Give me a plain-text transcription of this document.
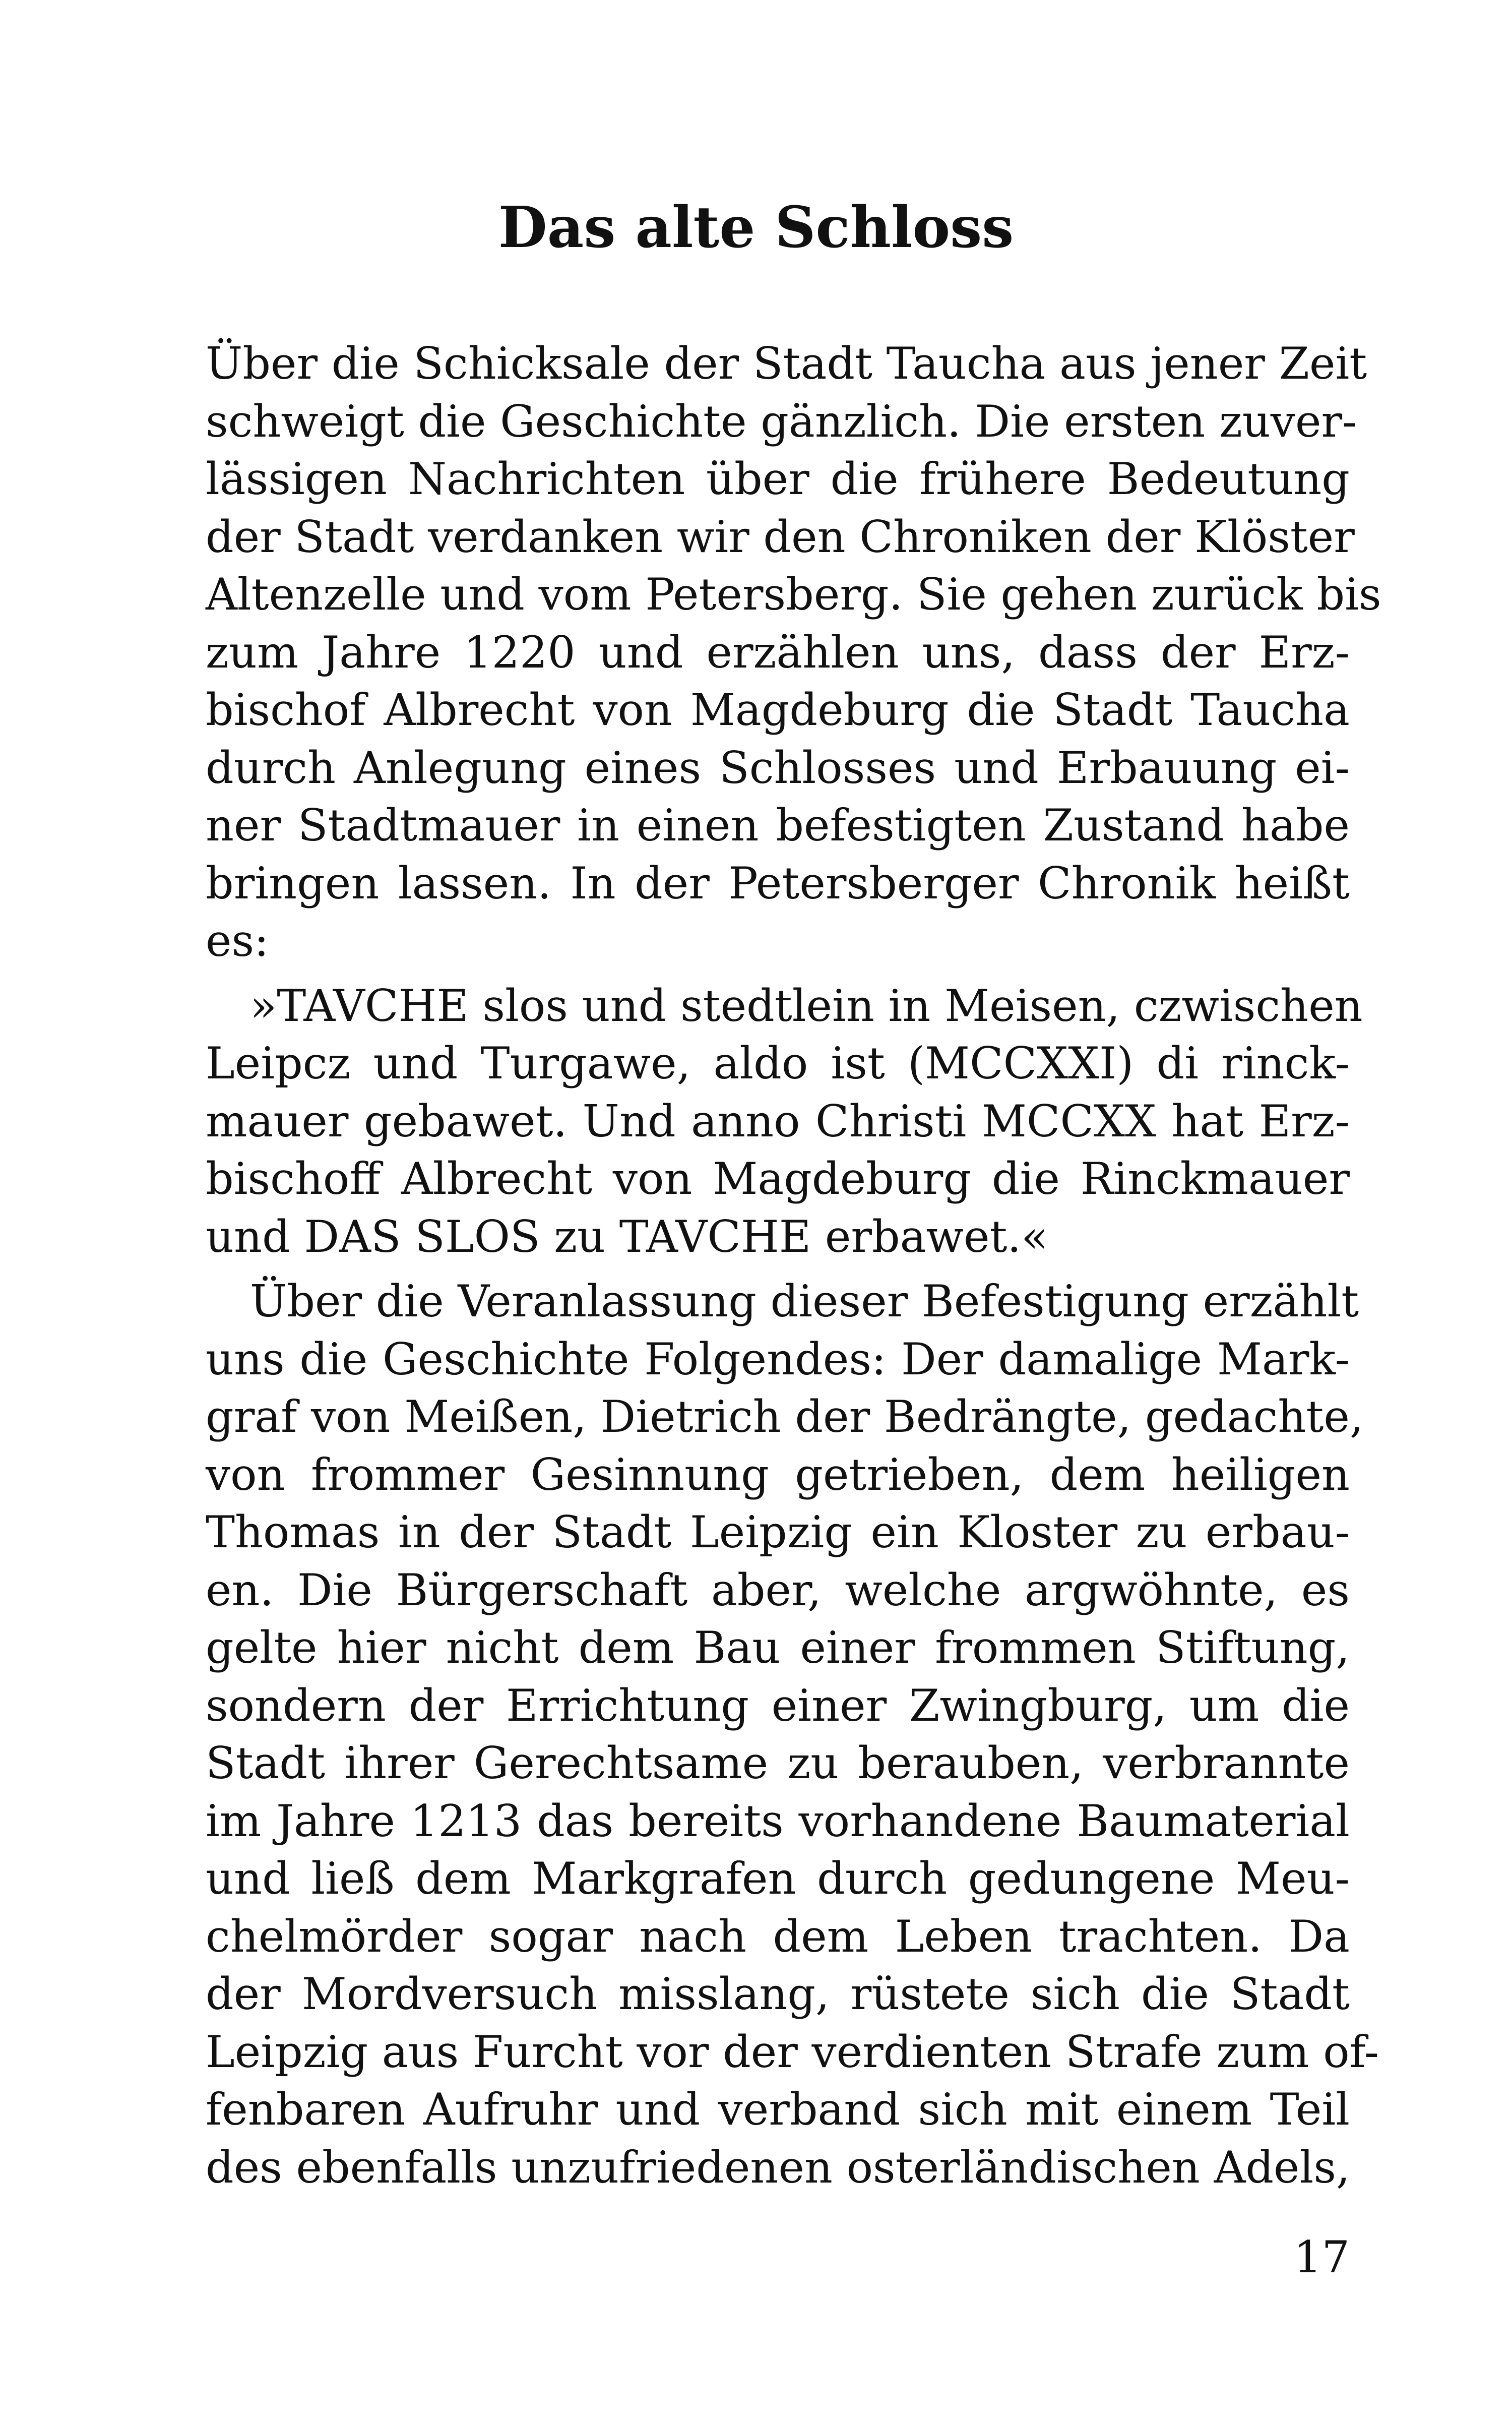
Das alte Schloss
Über die Schicksale der Stadt Taucha aus jener Zeit
schweigt die Geschichte gänzlich. Die ersten zuver-
lässigen Nachrichten über die frühere Bedeutung
der Stadt verdanken wir den Chroniken der Klöster
Altenzelle und vom Petersberg. Sie gehen zurück bis
zum Jahre 1220 und erzählen uns, dass der Erz-
bischof Albrecht von Magdeburg die Stadt Taucha
durch Anlegung eines Schlosses und Erbauung ei-
ner Stadtmauer in einen befestigten Zustand habe
bringen lassen. In der Petersberger Chronik heißt
es:
»TAVCHE slos und stedtlein in Meisen, czwischen
Leipcz und Turgawe, aldo ist (MCCXXI) di rinck-
mauer gebawet. Und anno Christi MCCXX hat Erz-
bischoff Albrecht von Magdeburg die Rinckmauer
und DAS SLOS zu TAVCHE erbawet.«
Über die Veranlassung dieser Befestigung erzählt
uns die Geschichte Folgendes: Der damalige Mark-
graf von Meißen, Dietrich der Bedrängte, gedachte,
von frommer Gesinnung getrieben, dem heiligen
Thomas in der Stadt Leipzig ein Kloster zu erbau-
en. Die Bürgerschaft aber, welche argwöhnte, es
gelte hier nicht dem Bau einer frommen Stiftung,
sondern der Errichtung einer Zwingburg, um die
Stadt ihrer Gerechtsame zu berauben, verbrannte
im Jahre 1213 das bereits vorhandene Baumaterial
und ließ dem Markgrafen durch gedungene Meu-
chelmörder sogar nach dem Leben trachten. Da
der Mordversuch misslang, rüstete sich die Stadt
Leipzig aus Furcht vor der verdienten Strafe zum of-
fenbaren Aufruhr und verband sich mit einem Teil
des ebenfalls unzufriedenen osterländischen Adels,
17
